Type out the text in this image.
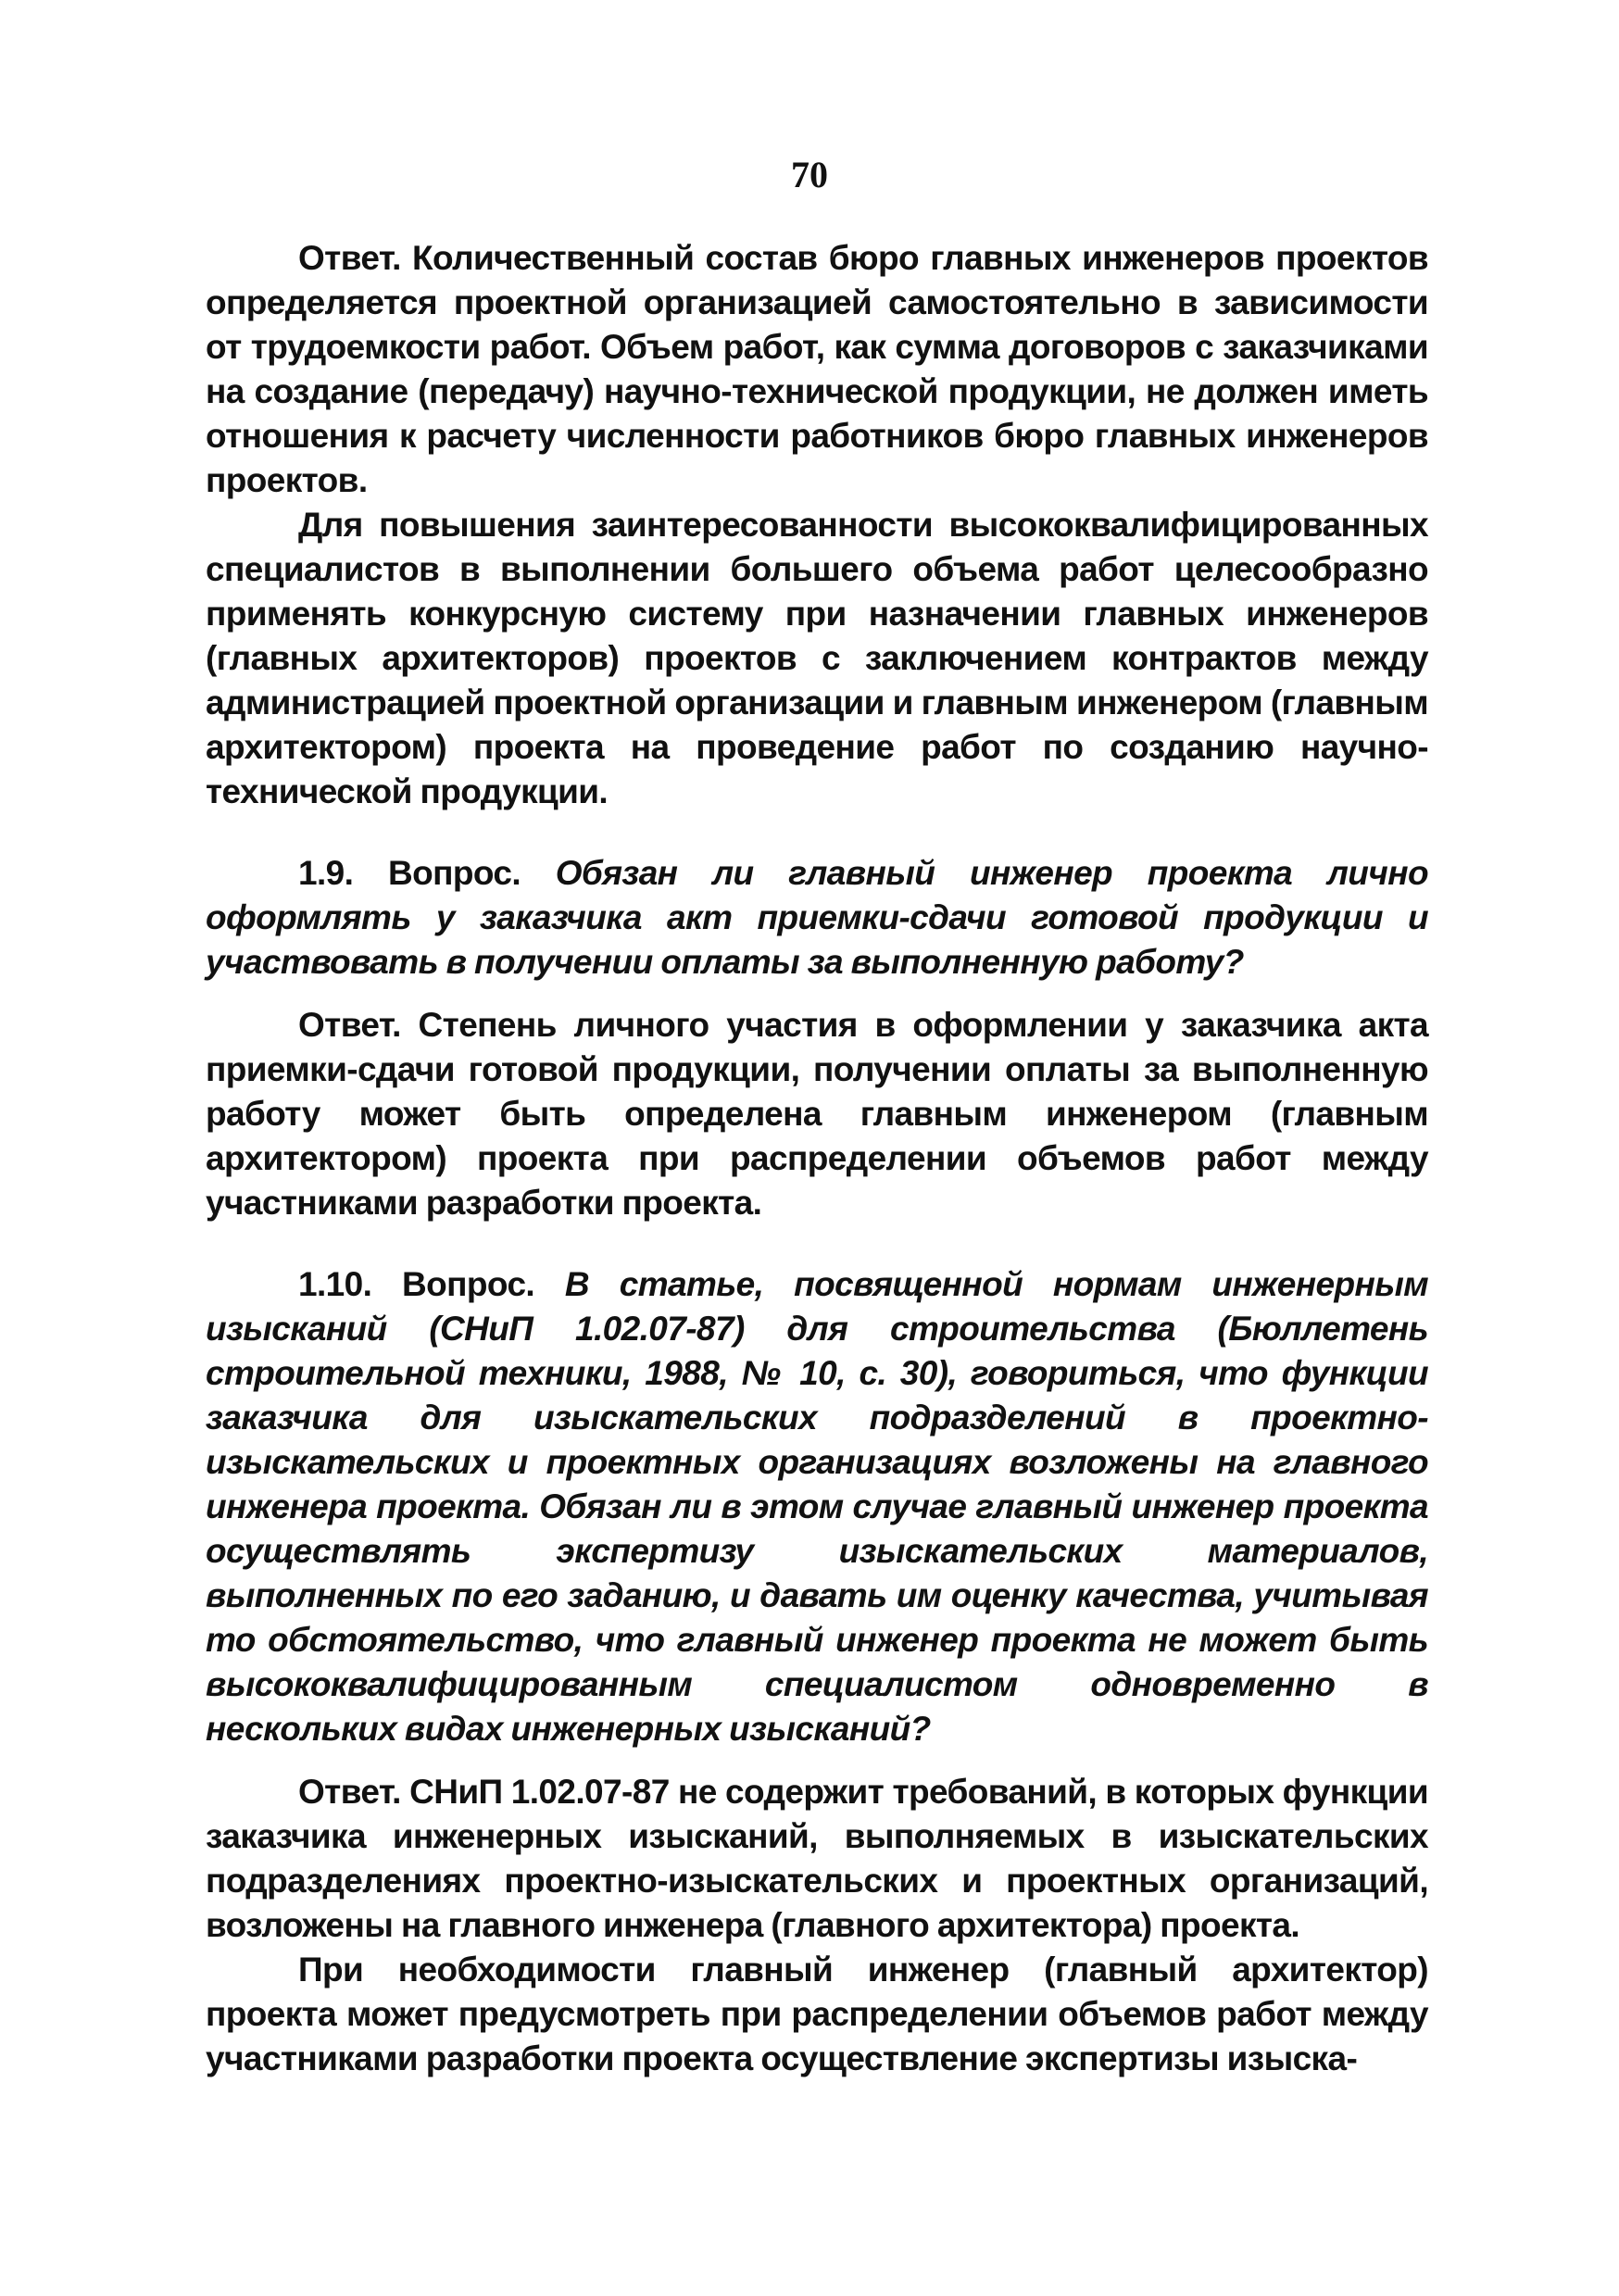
70

Ответ. Количественный состав бюро главных инженеров проектов определяется проектной организацией самостоятельно в зависимости от трудоемкости работ. Объем работ, как сумма договоров с заказчиками на создание (передачу) научно-технической продукции, не должен иметь отношения к расчету численности работников бюро главных инженеров проектов.

Для повышения заинтересованности высококвалифицированных специалистов в выполнении большего объема работ целесообразно применять конкурсную систему при назначении главных инженеров (главных архитекторов) проектов с заключением контрактов между администрацией проектной организации и главным инженером (главным архитектором) проекта на проведение работ по созданию научно-технической продукции.

1.9. Вопрос. Обязан ли главный инженер проекта лично оформлять у заказчика акт приемки-сдачи готовой продукции и участвовать в получении оплаты за выполненную работу?

Ответ. Степень личного участия в оформлении у заказчика акта приемки-сдачи готовой продукции, получении оплаты за выполненную работу может быть определена главным инженером (главным архитектором) проекта при распределении объемов работ между участниками разработки проекта.

1.10. Вопрос. В статье, посвященной нормам инженерным изысканий (СНиП 1.02.07-87) для строительства (Бюллетень строительной техники, 1988, № 10, с. 30), говориться, что функции заказчика для изыскательских подразделений в проектно-изыскательских и проектных организациях возложены на главного инженера проекта. Обязан ли в этом случае главный инженер проекта осуществлять экспертизу изыскательских материалов, выполненных по его заданию, и давать им оценку качества, учитывая то обстоятельство, что главный инженер проекта не может быть высококвалифицированным специалистом одновременно в нескольких видах инженерных изысканий?

Ответ. СНиП 1.02.07-87 не содержит требований, в которых функции заказчика инженерных изысканий, выполняемых в изыскательских подразделениях проектно-изыскательских и проектных организаций, возложены на главного инженера (главного архитектора) проекта.

При необходимости главный инженер (главный архитектор) проекта может предусмотреть при распределении объемов работ между участниками разработки проекта осуществление экспертизы изыска-
